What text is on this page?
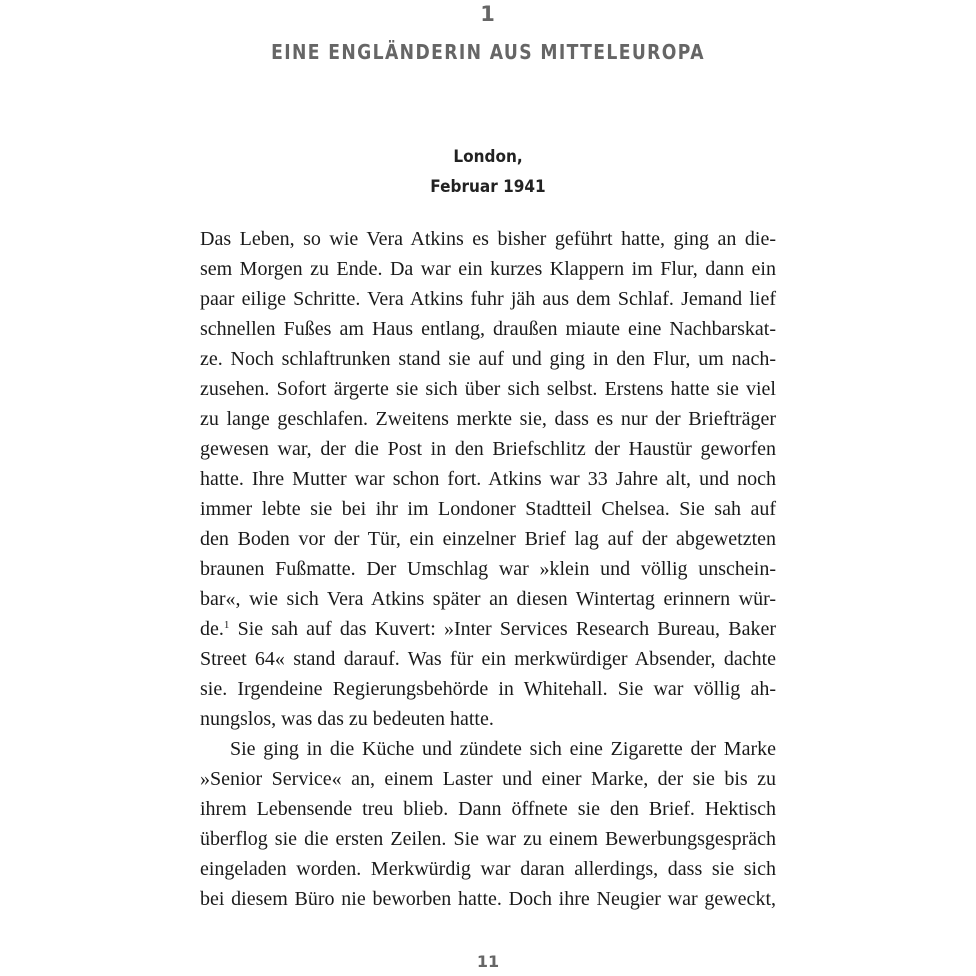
1
EINE ENGLÄNDERIN AUS MITTELEUROPA
London,
Februar 1941
Das Leben, so wie Vera Atkins es bisher geführt hatte, ging an die-
sem Morgen zu Ende. Da war ein kurzes Klappern im Flur, dann ein
paar eilige Schritte. Vera Atkins fuhr jäh aus dem Schlaf. Jemand lief
schnellen Fußes am Haus entlang, draußen miaute eine Nachbarskat-
ze. Noch schlaftrunken stand sie auf und ging in den Flur, um nach-
zusehen. Sofort ärgerte sie sich über sich selbst. Erstens hatte sie viel
zu lange geschlafen. Zweitens merkte sie, dass es nur der Briefträger
gewesen war, der die Post in den Briefschlitz der Haustür geworfen
hatte. Ihre Mutter war schon fort. Atkins war 33 Jahre alt, und noch
immer lebte sie bei ihr im Londoner Stadtteil Chelsea. Sie sah auf
den Boden vor der Tür, ein einzelner Brief lag auf der abgewetzten
braunen Fußmatte. Der Umschlag war »klein und völlig unschein-
bar«, wie sich Vera Atkins später an diesen Wintertag erinnern wür-
de.$^1$ Sie sah auf das Kuvert: »Inter Services Research Bureau, Baker
Street 64« stand darauf. Was für ein merkwürdiger Absender, dachte
sie. Irgendeine Regierungsbehörde in Whitehall. Sie war völlig ah-
nungslos, was das zu bedeuten hatte.
Sie ging in die Küche und zündete sich eine Zigarette der Marke
»Senior Service« an, einem Laster und einer Marke, der sie bis zu
ihrem Lebensende treu blieb. Dann öffnete sie den Brief. Hektisch
überflog sie die ersten Zeilen. Sie war zu einem Bewerbungsgespräch
eingeladen worden. Merkwürdig war daran allerdings, dass sie sich
bei diesem Büro nie beworben hatte. Doch ihre Neugier war geweckt,
11
